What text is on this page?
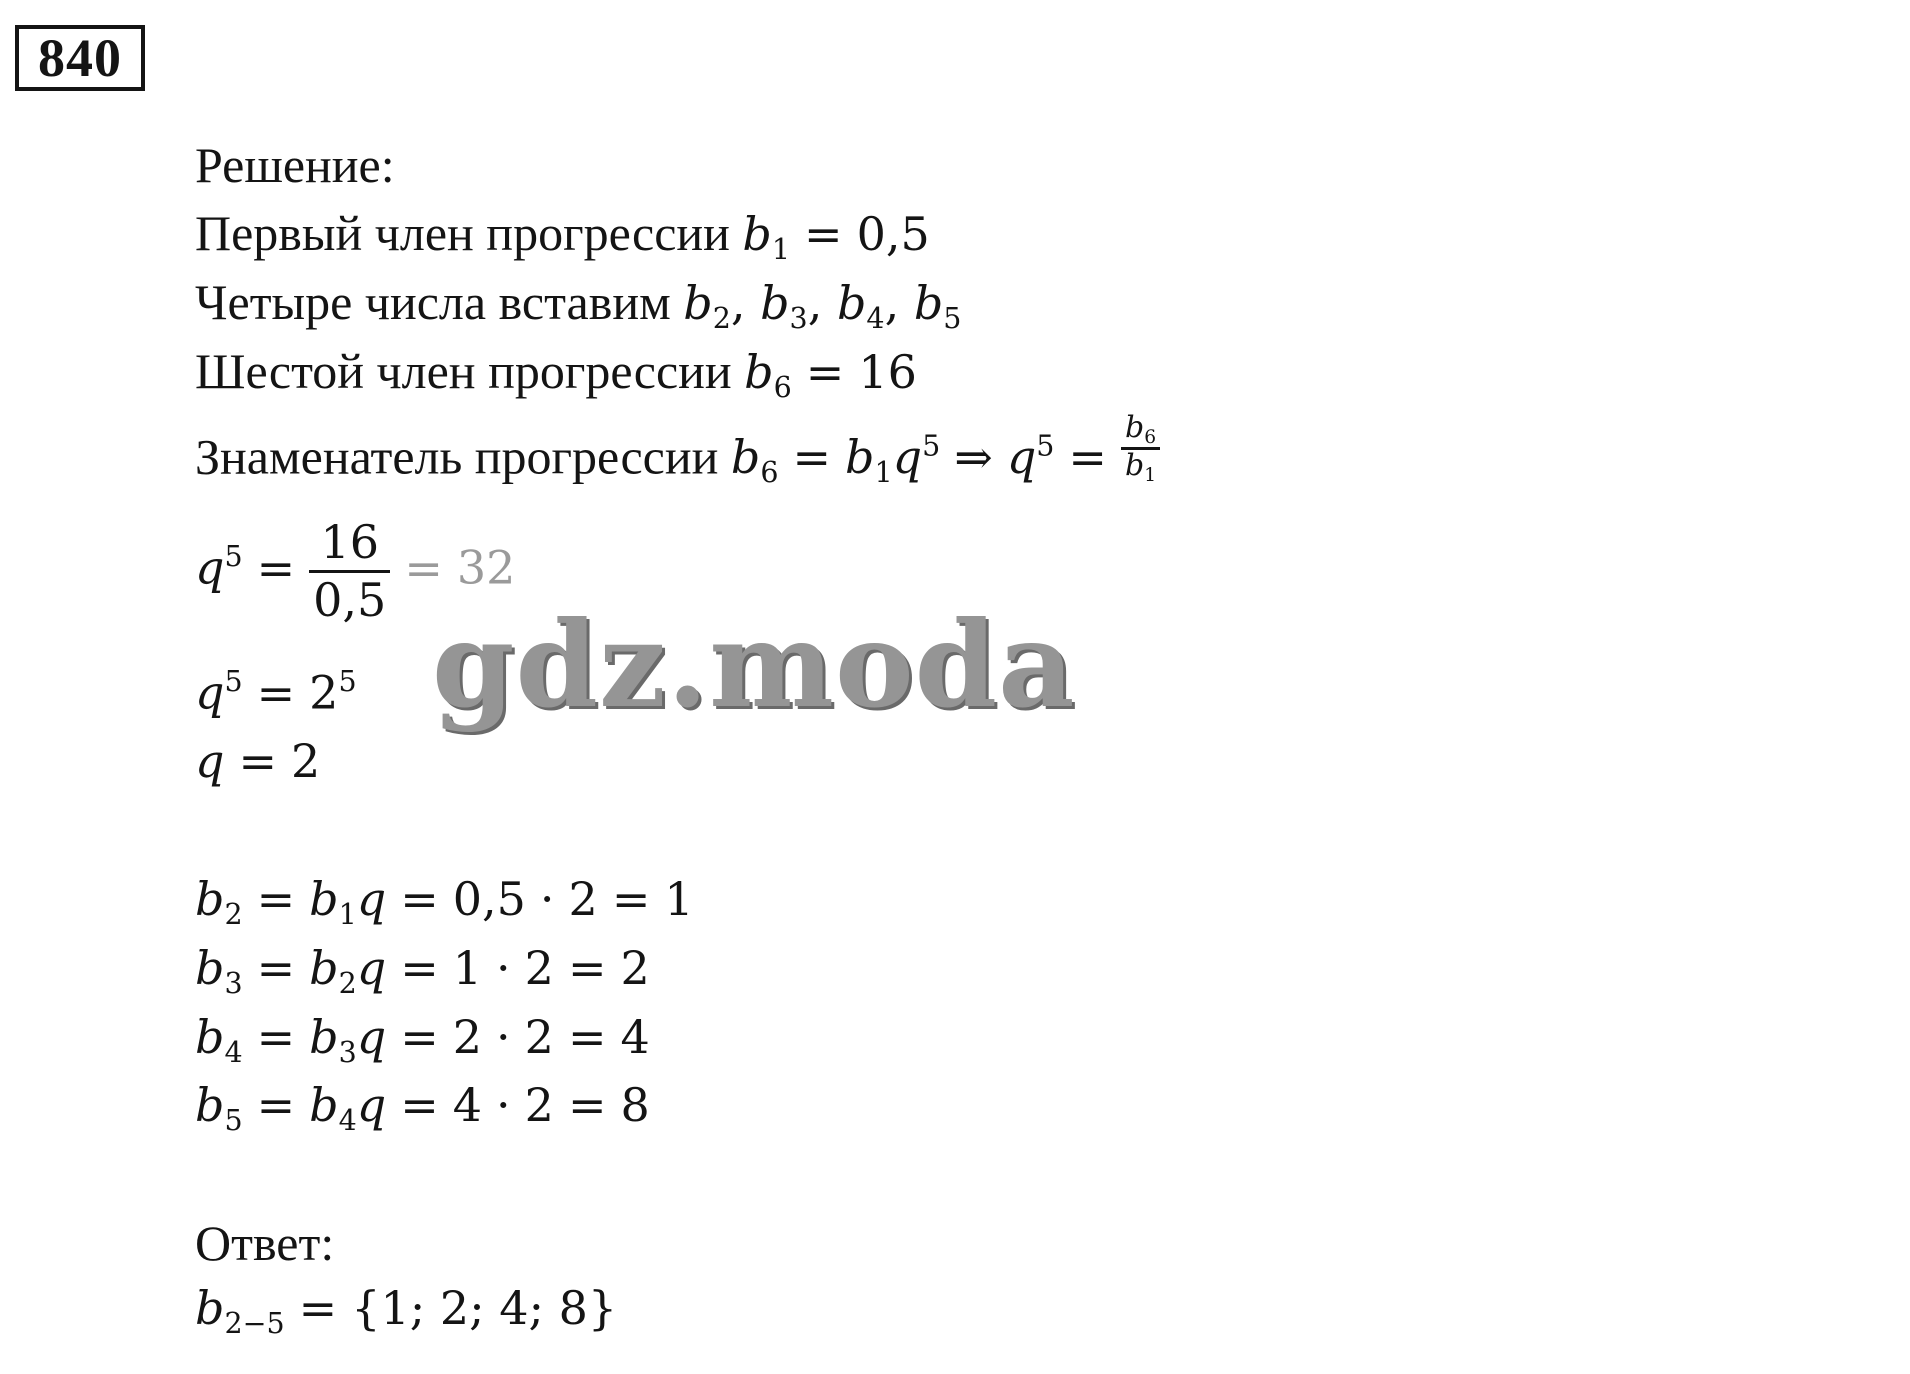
840
Решение:
Первый член прогрессии $b_1 = 0,5$
Четыре числа вставим $b_2$, $b_3$, $b_4$, $b_5$
Шестой член прогрессии $b_6 = 16$
Знаменатель прогрессии $b_6 = b_1q^5$ ⇒ $q^5 = \frac{b_6}{b_1}$
$q^5 = \frac{16}{0,5} = 32$
$q^5 = 2^5$
q = 2
$b_2 = b_1q = 0,5 \cdot 2 = 1$
$b_3 = b_2q = 1 \cdot 2 = 2$
$b_4 = b_3q = 2 \cdot 2 = 4$
$b_5 = b_4q = 4 \cdot 2 = 8$
Ответ:
$b_{2-5} = \{1$; 2; 4; 8}
gdz.moda
